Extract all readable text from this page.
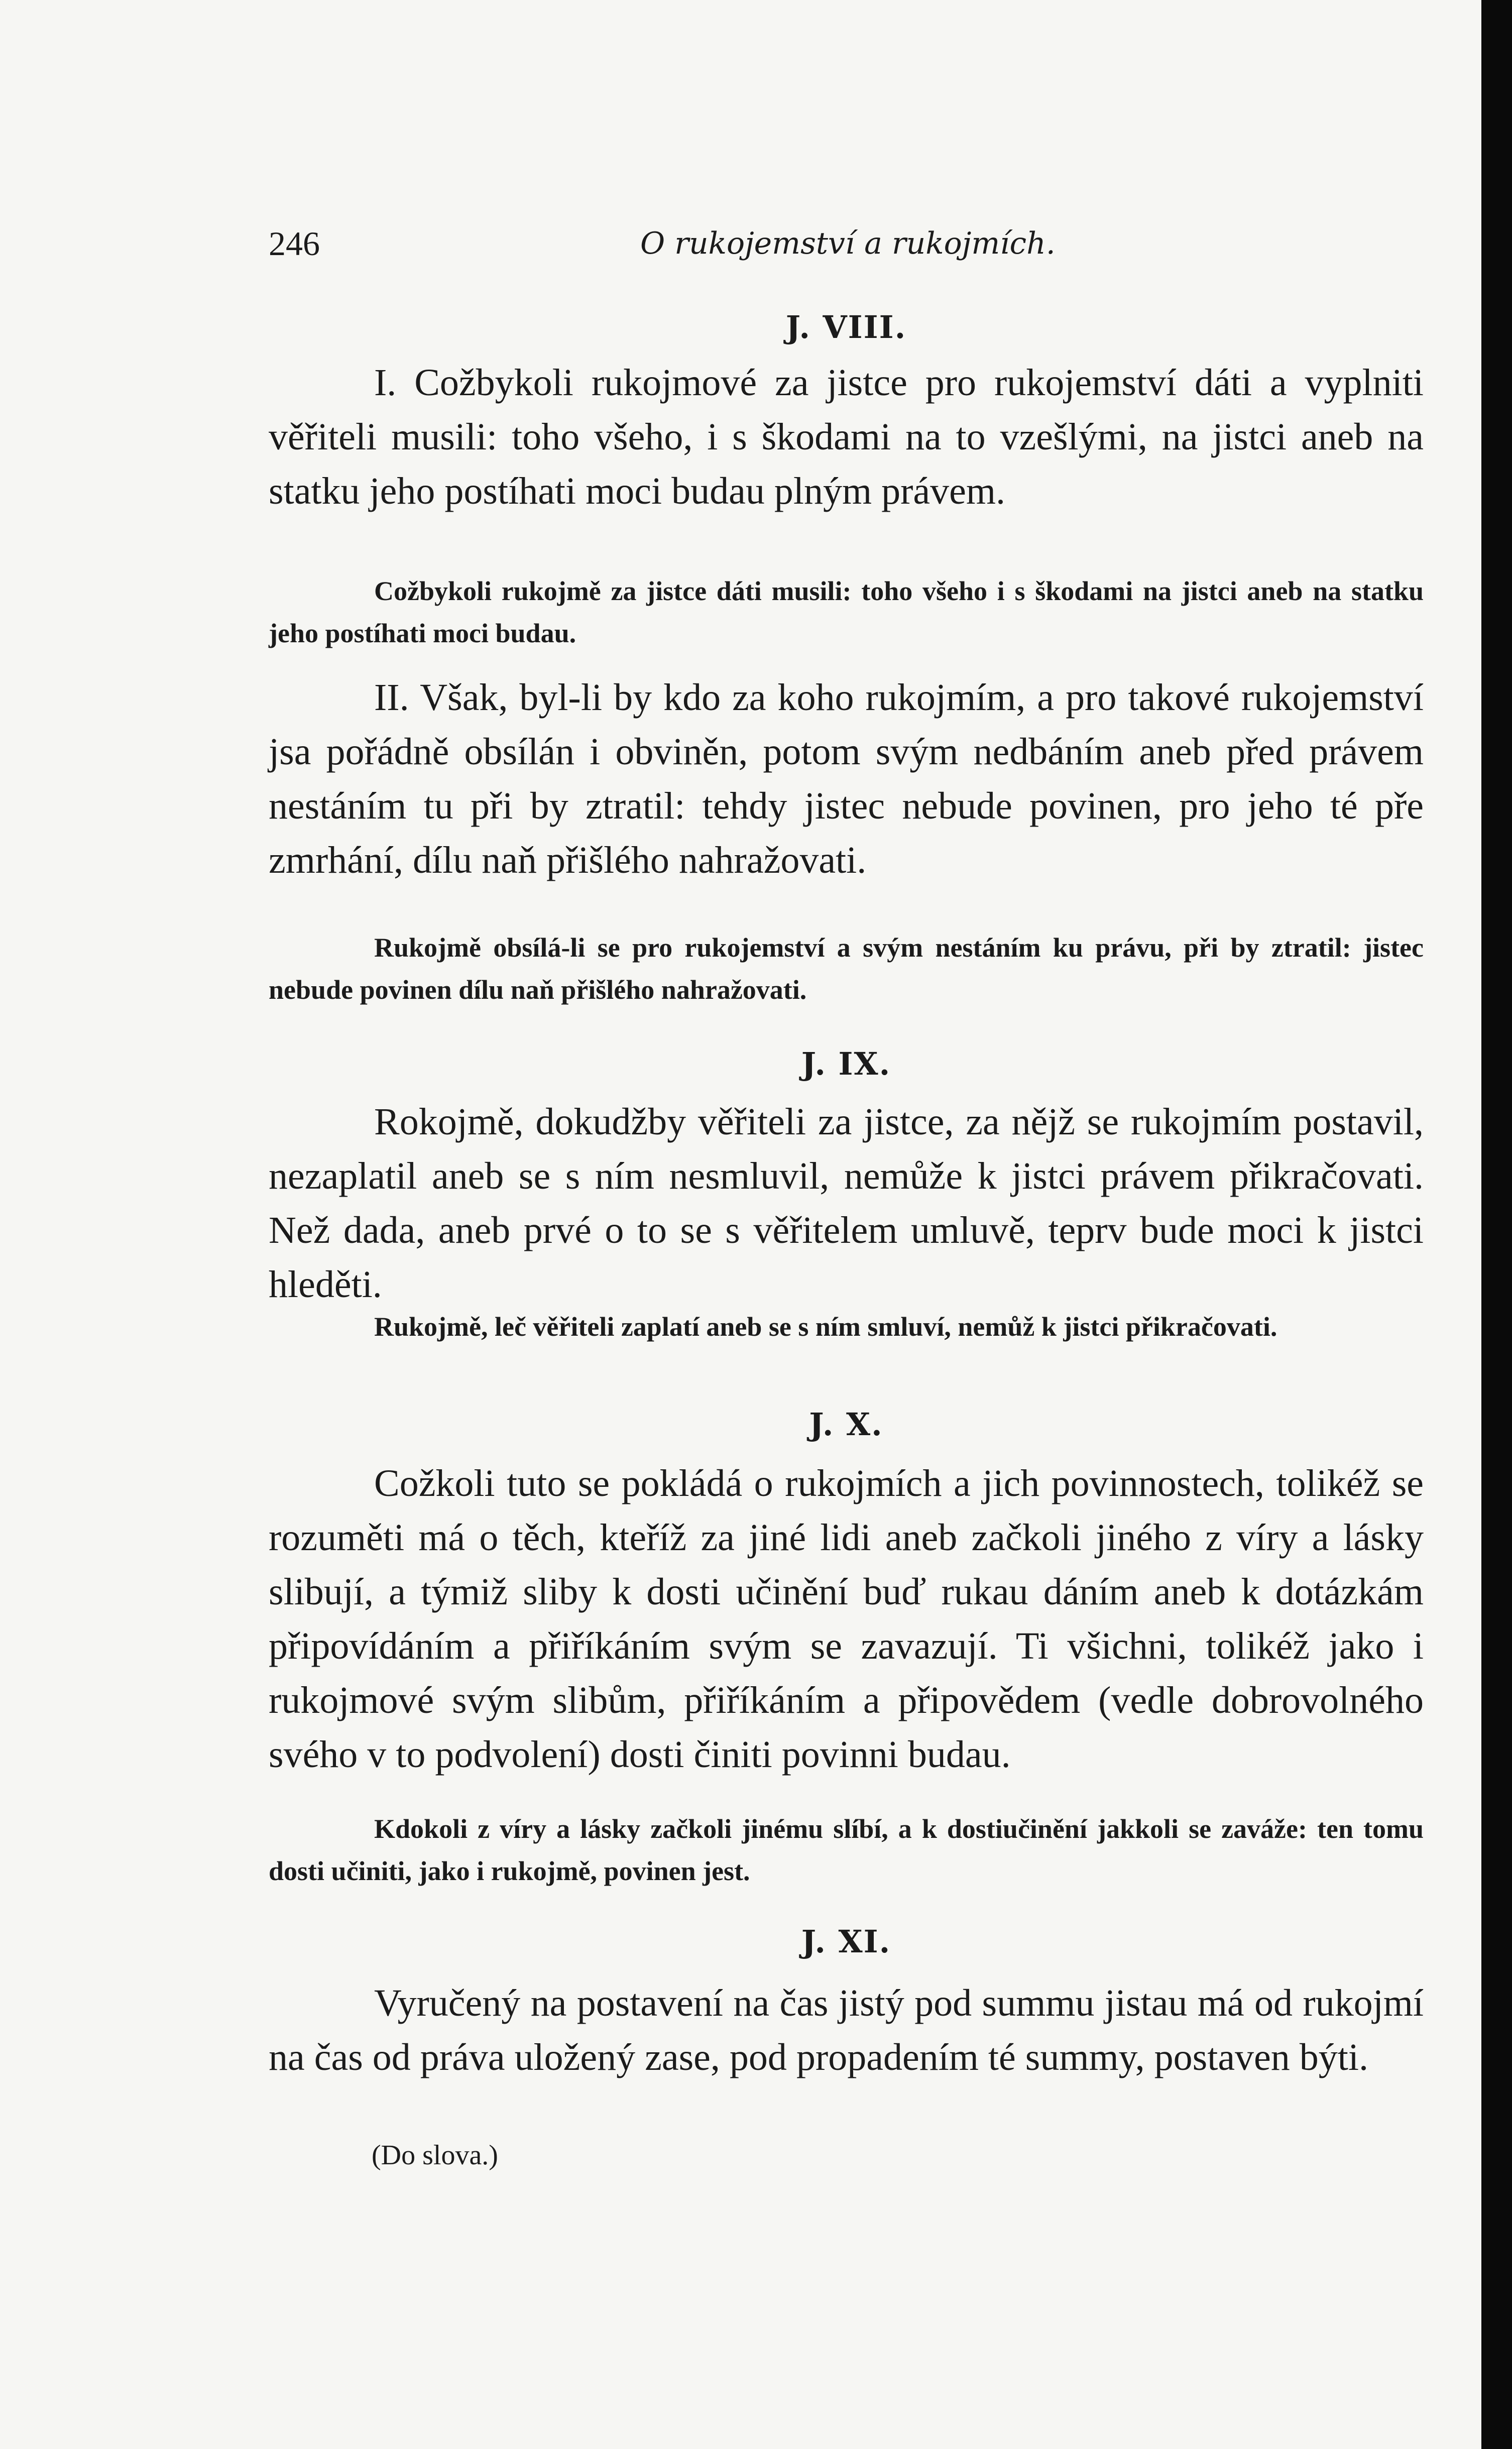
246	O rukojemství a rukojmích.
J. VIII.

I. Cožbykoli rukojmové za jistce pro rukojemství dáti a vyplniti věřiteli musili: toho všeho, i s škodami na to vzešlými, na jistci aneb na statku jeho postíhati moci budau plným právem.

Cožbykoli rukojmě za jistce dáti musili: toho všeho i s škodami na jistci aneb na statku jeho postíhati moci budau.

II. Však, byl-li by kdo za koho rukojmím, a pro takové rukojemství jsa pořádně obsílán i obviněn, potom svým nedbáním aneb před právem nestáním tu při by ztratil: tehdy jistec nebude povinen, pro jeho té pře zmrhání, dílu naň přišlého nahražovati.

Rukojmě obsílá-li se pro rukojemství a svým nestáním ku právu, při by ztratil: jistec nebude povinen dílu naň přišlého nahražovati.

J. IX.

Rokojmě, dokudžby věřiteli za jistce, za nějž se rukojmím postavil, nezaplatil aneb se s ním nesmluvil, nemůže k jistci právem přikračovati. Než dada, aneb prvé o to se s věřitelem umluvě, teprv bude moci k jistci hleděti.

Rukojmě, leč věřiteli zaplatí aneb se s ním smluví, nemůž k jistci přikračovati.

J. X.

Cožkoli tuto se pokládá o rukojmích a jich povinnostech, tolikéž se rozuměti má o těch, kteříž za jiné lidi aneb začkoli jiného z víry a lásky slibují, a týmiž sliby k dosti učinění buď rukau dáním aneb k dotázkám připovídáním a přiříkáním svým se zavazují. Ti všichni, tolikéž jako i rukojmové svým slibům, přiříkáním a připovědem (vedle dobrovolného svého v to podvolení) dosti činiti povinni budau.

Kdokoli z víry a lásky začkoli jinému slíbí, a k dostiučinění jakkoli se zaváže: ten tomu dosti učiniti, jako i rukojmě, povinen jest.

J. XI.

Vyručený na postavení na čas jistý pod summu jistau má od rukojmí na čas od práva uložený zase, pod propadením té summy, postaven býti.

(Do slova.)
